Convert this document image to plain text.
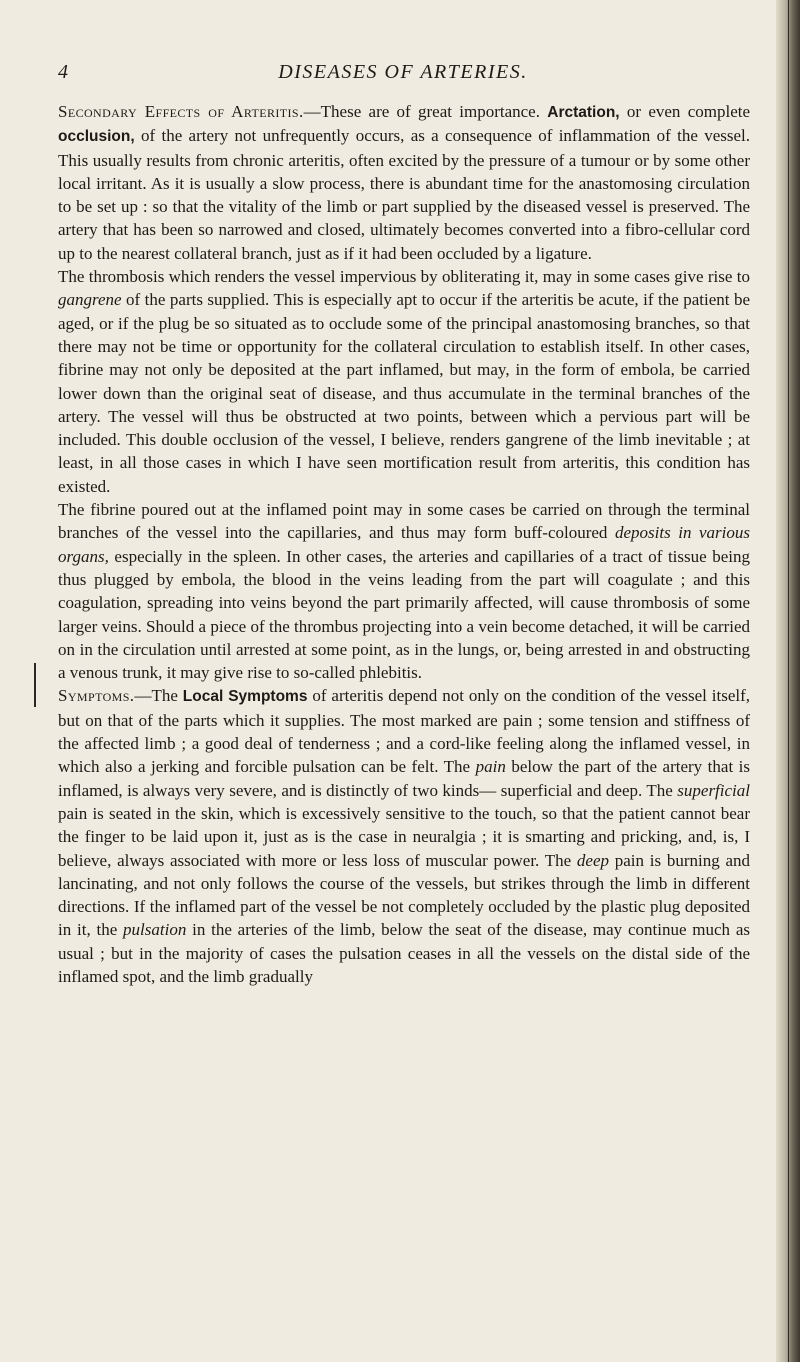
4	DISEASES OF ARTERIES.

Secondary Effects of Arteritis.—These are of great importance. Arctation, or even complete occlusion, of the artery not unfrequently occurs, as a consequence of inflammation of the vessel. This usually results from chronic arteritis, often excited by the pressure of a tumour or by some other local irritant. As it is usually a slow process, there is abundant time for the anastomosing circulation to be set up : so that the vitality of the limb or part supplied by the diseased vessel is preserved. The artery that has been so narrowed and closed, ultimately becomes converted into a fibro-cellular cord up to the nearest collateral branch, just as if it had been occluded by a ligature.

The thrombosis which renders the vessel impervious by obliterating it, may in some cases give rise to gangrene of the parts supplied. This is especially apt to occur if the arteritis be acute, if the patient be aged, or if the plug be so situated as to occlude some of the principal anastomosing branches, so that there may not be time or opportunity for the collateral circulation to establish itself. In other cases, fibrine may not only be deposited at the part inflamed, but may, in the form of embola, be carried lower down than the original seat of disease, and thus accumulate in the terminal branches of the artery. The vessel will thus be obstructed at two points, between which a pervious part will be included. This double occlusion of the vessel, I believe, renders gangrene of the limb inevitable ; at least, in all those cases in which I have seen mortification result from arteritis, this condition has existed.

The fibrine poured out at the inflamed point may in some cases be carried on through the terminal branches of the vessel into the capillaries, and thus may form buff-coloured deposits in various organs, especially in the spleen. In other cases, the arteries and capillaries of a tract of tissue being thus plugged by embola, the blood in the veins leading from the part will coagulate ; and this coagulation, spreading into veins beyond the part primarily affected, will cause thrombosis of some larger veins. Should a piece of the thrombus projecting into a vein become detached, it will be carried on in the circulation until arrested at some point, as in the lungs, or, being arrested in and obstructing a venous trunk, it may give rise to so-called phlebitis.

Symptoms.—The Local Symptoms of arteritis depend not only on the condition of the vessel itself, but on that of the parts which it supplies. The most marked are pain ; some tension and stiffness of the affected limb ; a good deal of tenderness ; and a cord-like feeling along the inflamed vessel, in which also a jerking and forcible pulsation can be felt. The pain below the part of the artery that is inflamed, is always very severe, and is distinctly of two kinds— superficial and deep. The superficial pain is seated in the skin, which is excessively sensitive to the touch, so that the patient cannot bear the finger to be laid upon it, just as is the case in neuralgia ; it is smarting and pricking, and, is, I believe, always associated with more or less loss of muscular power. The deep pain is burning and lancinating, and not only follows the course of the vessels, but strikes through the limb in different directions. If the inflamed part of the vessel be not completely occluded by the plastic plug deposited in it, the pulsation in the arteries of the limb, below the seat of the disease, may continue much as usual ; but in the majority of cases the pulsation ceases in all the vessels on the distal side of the inflamed spot, and the limb gradually
